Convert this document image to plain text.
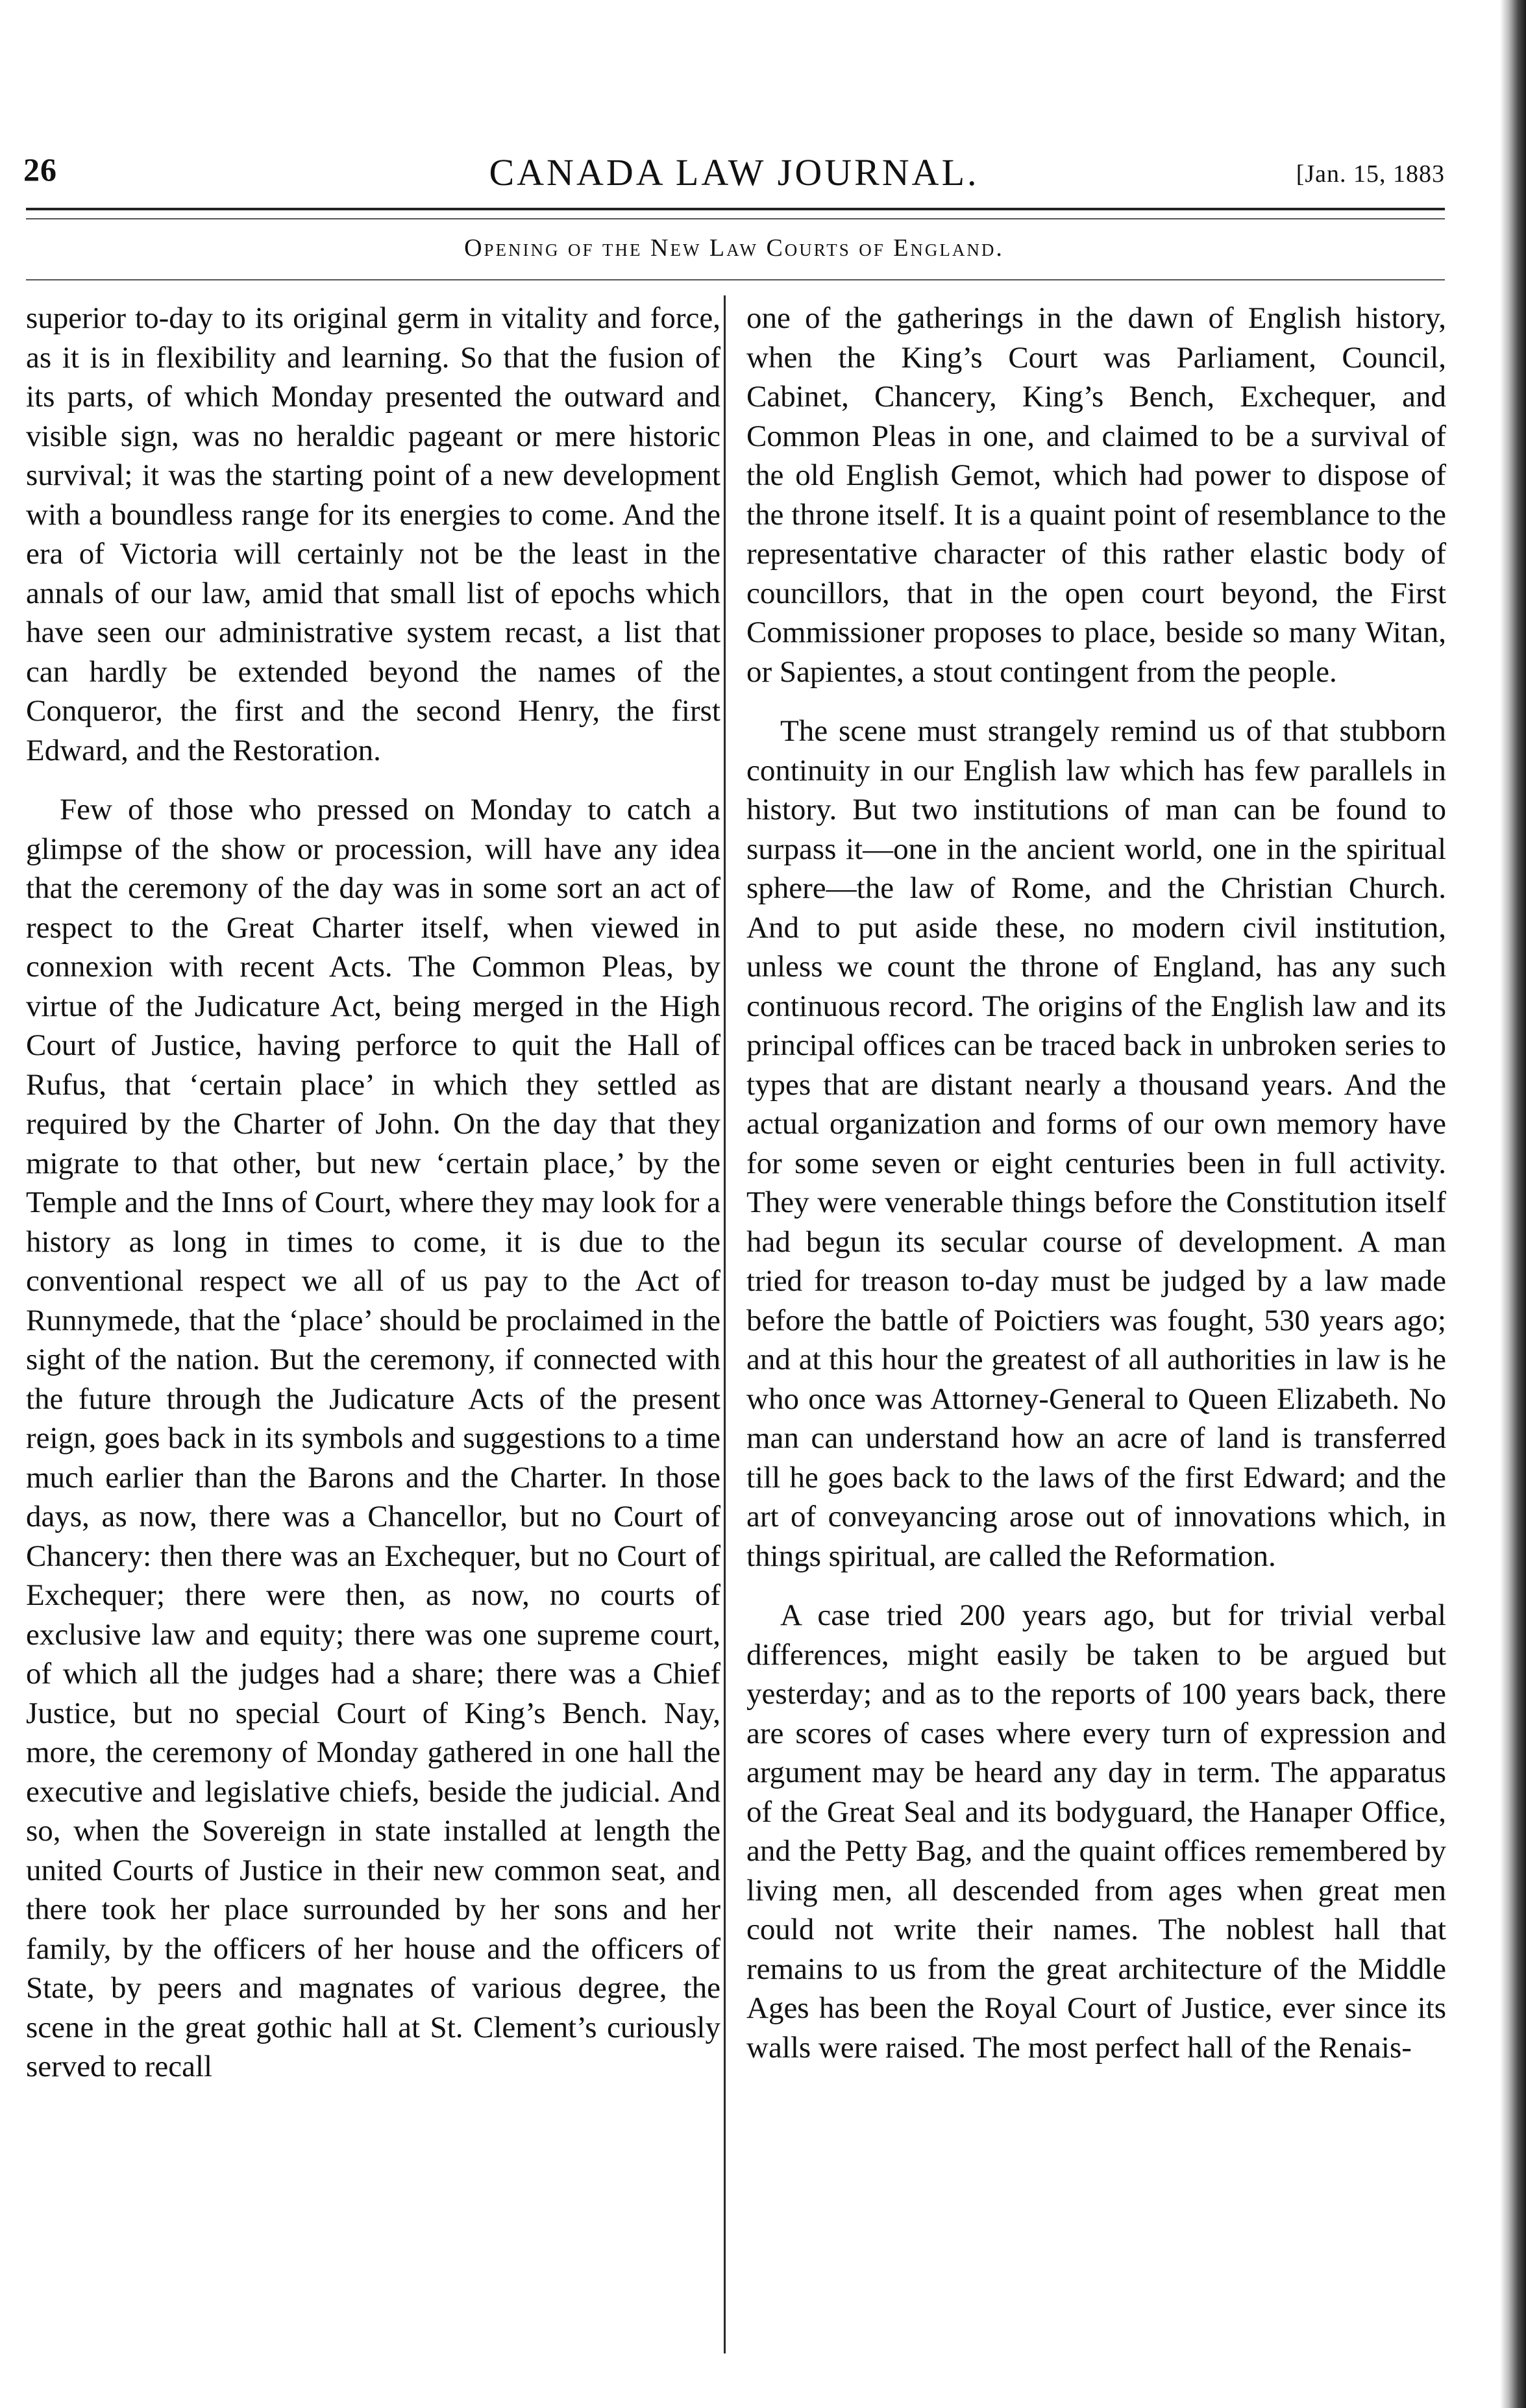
26	CANADA LAW JOURNAL.	[Jan. 15, 1883
Opening of the New Law Courts of England.

superior to-day to its original germ in vitality and force, as it is in flexibility and learning. So that the fusion of its parts, of which Monday presented the outward and visible sign, was no heraldic pageant or mere historic survival; it was the starting point of a new development with a boundless range for its energies to come. And the era of Victoria will certainly not be the least in the annals of our law, amid that small list of epochs which have seen our administrative system recast, a list that can hardly be extended beyond the names of the Conqueror, the first and the second Henry, the first Edward, and the Restoration.

Few of those who pressed on Monday to catch a glimpse of the show or procession, will have any idea that the ceremony of the day was in some sort an act of respect to the Great Charter itself, when viewed in connexion with recent Acts. The Common Pleas, by virtue of the Judicature Act, being merged in the High Court of Justice, having perforce to quit the Hall of Rufus, that ‘certain place’ in which they settled as required by the Charter of John. On the day that they migrate to that other, but new ‘certain place,’ by the Temple and the Inns of Court, where they may look for a history as long in times to come, it is due to the conventional respect we all of us pay to the Act of Runnymede, that the ‘place’ should be proclaimed in the sight of the nation. But the ceremony, if connected with the future through the Judicature Acts of the present reign, goes back in its symbols and suggestions to a time much earlier than the Barons and the Charter. In those days, as now, there was a Chancellor, but no Court of Chancery: then there was an Exchequer, but no Court of Exchequer; there were then, as now, no courts of exclusive law and equity; there was one supreme court, of which all the judges had a share; there was a Chief Justice, but no special Court of King’s Bench. Nay, more, the ceremony of Monday gathered in one hall the executive and legislative chiefs, beside the judicial. And so, when the Sovereign in state installed at length the united Courts of Justice in their new common seat, and there took her place surrounded by her sons and her family, by the officers of her house and the officers of State, by peers and magnates of various degree, the scene in the great gothic hall at St. Clement’s curiously served to recall

one of the gatherings in the dawn of English history, when the King’s Court was Parliament, Council, Cabinet, Chancery, King’s Bench, Exchequer, and Common Pleas in one, and claimed to be a survival of the old English Gemot, which had power to dispose of the throne itself. It is a quaint point of resemblance to the representative character of this rather elastic body of councillors, that in the open court beyond, the First Commissioner proposes to place, beside so many Witan, or Sapientes, a stout contingent from the people.

The scene must strangely remind us of that stubborn continuity in our English law which has few parallels in history. But two institutions of man can be found to surpass it—one in the ancient world, one in the spiritual sphere—the law of Rome, and the Christian Church. And to put aside these, no modern civil institution, unless we count the throne of England, has any such continuous record. The origins of the English law and its principal offices can be traced back in unbroken series to types that are distant nearly a thousand years. And the actual organization and forms of our own memory have for some seven or eight centuries been in full activity. They were venerable things before the Constitution itself had begun its secular course of development. A man tried for treason to-day must be judged by a law made before the battle of Poictiers was fought, 530 years ago; and at this hour the greatest of all authorities in law is he who once was Attorney-General to Queen Elizabeth. No man can understand how an acre of land is transferred till he goes back to the laws of the first Edward; and the art of conveyancing arose out of innovations which, in things spiritual, are called the Reformation.

A case tried 200 years ago, but for trivial verbal differences, might easily be taken to be argued but yesterday; and as to the reports of 100 years back, there are scores of cases where every turn of expression and argument may be heard any day in term. The apparatus of the Great Seal and its bodyguard, the Hanaper Office, and the Petty Bag, and the quaint offices remembered by living men, all descended from ages when great men could not write their names. The noblest hall that remains to us from the great architecture of the Middle Ages has been the Royal Court of Justice, ever since its walls were raised. The most perfect hall of the Renais-
